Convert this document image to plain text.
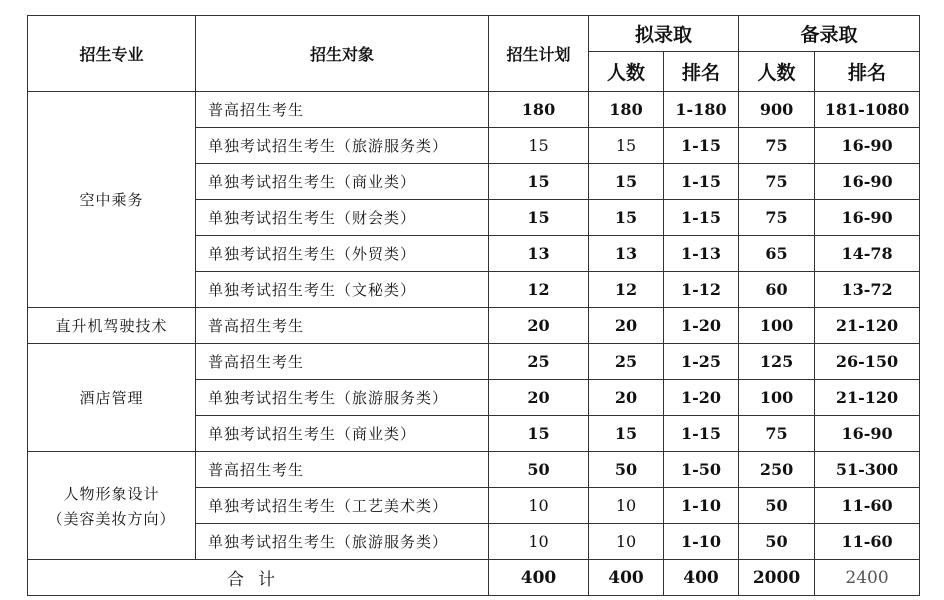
招生专业	招生对象	招生计划	拟录取		备录取	
			人数	排名	人数	排名

空中乘务	普高招生考生	180	180	1-180	900	181-1080
	单独考试招生考生（旅游服务类）	15	15	1-15	75	16-90
	单独考试招生考生（商业类）	15	15	1-15	75	16-90
	单独考试招生考生（财会类）	15	15	1-15	75	16-90
	单独考试招生考生（外贸类）	13	13	1-13	65	14-78
	单独考试招生考生（文秘类）	12	12	1-12	60	13-72

直升机驾驶技术	普高招生考生	20	20	1-20	100	21-120

酒店管理	普高招生考生	25	25	1-25	125	26-150
	单独考试招生考生（旅游服务类）	20	20	1-20	100	21-120
	单独考试招生考生（商业类）	15	15	1-15	75	16-90

人物形象设计
（美容美妆方向）	普高招生考生	50	50	1-50	250	51-300
	单独考试招生考生（工艺美术类）	10	10	1-10	50	11-60
	单独考试招生考生（旅游服务类）	10	10	1-10	50	11-60
合计		400	400	400	2000	2400
